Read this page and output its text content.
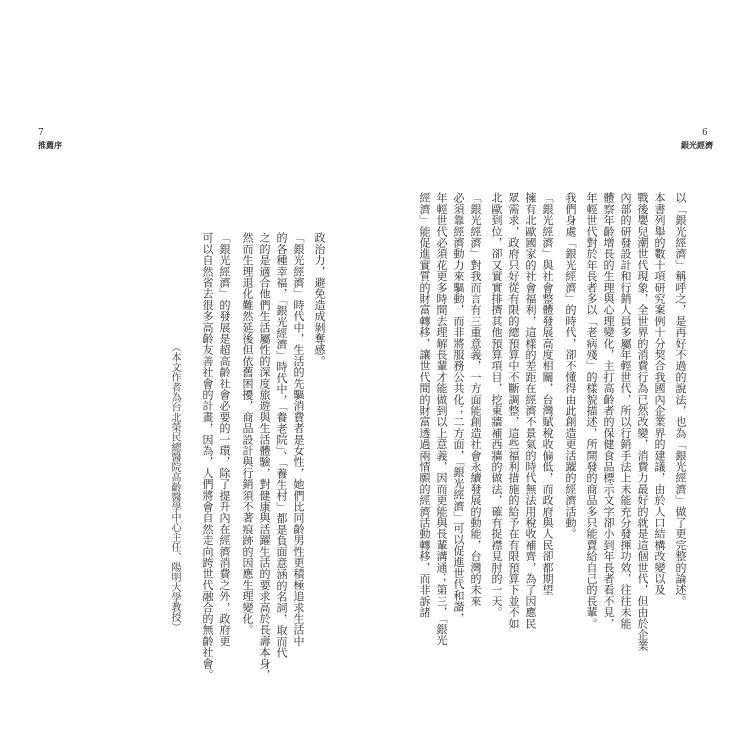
7
推薦序
（本文作者為台北榮民總醫院高齡醫學中心主任、陽明大學教授） 可以自然省去很多高齡友善社會的計畫，因為，人們將會自然走向跨世代融合的無齡社會。 「銀光經濟」的發展是超高齡社會必要的一環，除了提升內在經濟消費之外，政府更 然而生理退化難然延後但依舊困擾，商品設計與行銷須不著痕跡的因應生理變化。 之的是適合他們生活屬性的深度旅遊與生活體驗，對健康與活躍生活的要求高於長壽本身， 的各種幸福，「銀光經濟」時代中，「養老院」、「養生村」都是負面意涵的名詞，取而代 「銀光經濟」時代中，生活的先驅消費者是女性，她們比同齡男性更積極追求生活中 政治力，避免造成剝奪感。
6
銀光經濟
經濟」能促進實質的財富轉移，讓世代間的財富透過兩情願的經濟活動轉移，而非訴諸 年輕世代必須花更多時間去理解長輩才能做到以上意義，因而更能與長輩溝通；第三，「銀光 必須靠經濟動力來驅動，而非將服務公共化；二方面，「銀光經濟」可以促進世代和諧， 「銀光經濟」對我而言有三重意義，一方面能創造社會永續發展的動能，台灣的未來 北歐到位，卻又實實排擠其他預算項目，挖東牆補西牆的做法，確有捉襟見肘的一天。 眾需求，政府只好從有限的總預算中不斷調整，這些福利措施的給予在有限預算下並不如 擁有北歐國家的社會福利，這樣的差距在經濟不景氣的時代無法用稅收補齊，為了因應民 「銀光經濟」與社會整體發展高度相關，台灣賦稅收偏低，而政府與人民卻都期望 我們身處「銀光經濟」的時代，卻不懂得由此創造更活躍的經濟活動。 年輕世代對於年長者多以「老病殘」的樣貌描述，所開發的商品多只能賣給自己的長輩。 體察年齡增長的生理與心理變化，主打高齡者的保健食品標示文字卻小到年長者看不見， 內部的研發設計和行銷人員多屬年輕世代，所以行銷手法上未能充分發揮功效，往往未能 戰後嬰兒潮世代現象，全世界的消費行為已然改變，消費力最好的就是這個世代，但由於企業 本書列舉的數十項研究案例十分契合我國內企業界的建議，由於人口結構改變以及 以「銀光經濟」稱呼之，是再好不過的說法，也為「銀光經濟」做了更完整的論述。
